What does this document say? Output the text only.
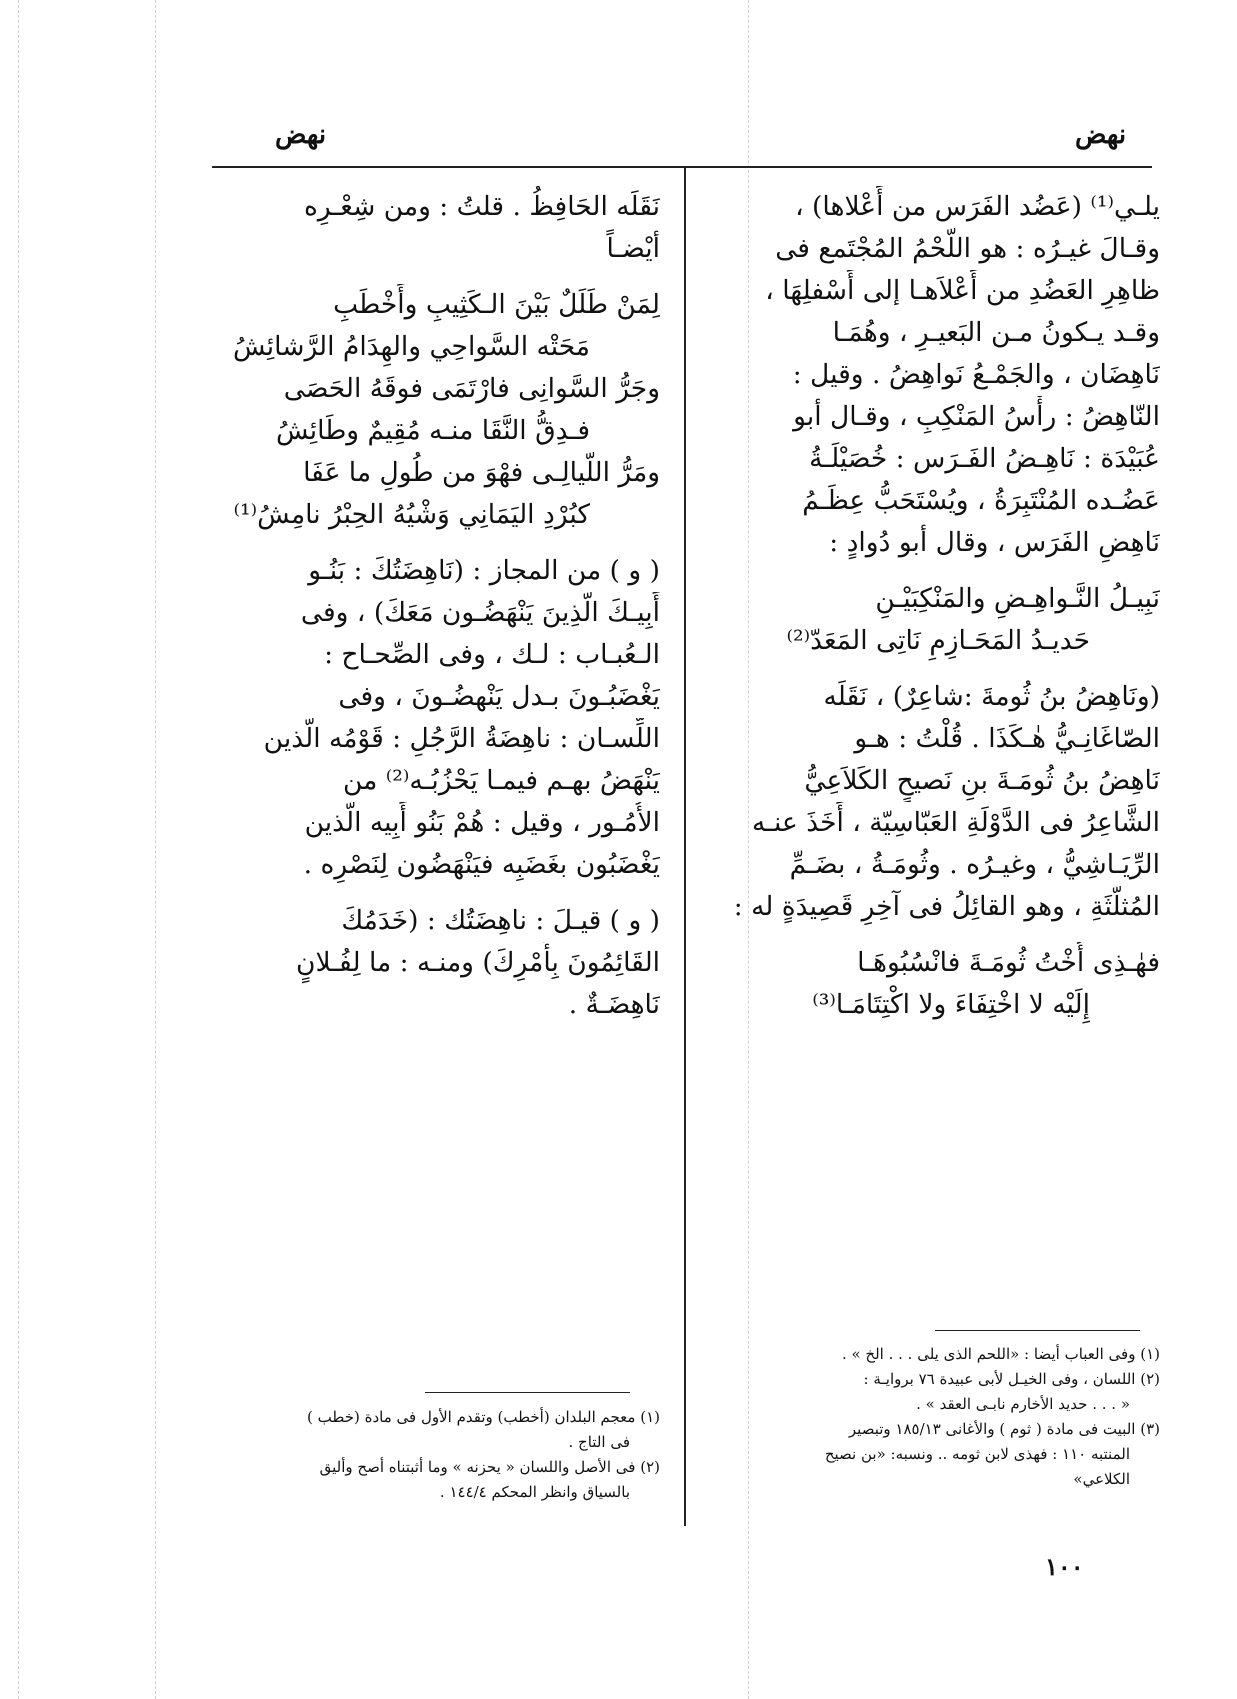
نهض
نهض
يلـي⁽¹⁾ (عَضُد الفَرَس من أَعْلاها) ،
وقـالَ غيـرُه : هو اللَّحْمُ المُجْتَمع فى
ظاهِرِ العَضُدِ من أَعْلاَهـا إلى أَسْفلِهَا ،
وقـد يـكونُ مـن البَعيـرِ ، وهُمَـا
نَاهِضَان ، والجَمْـعُ نَواهِضُ . وقيل :
النّاهِضُ : رأْسُ المَنْكِبِ ، وقـال أبو
عُبَيْدَة : نَاهِـضُ الفَـرَس : خُصَيْلَـةُ
عَضُـده المُنْتَبِرَةُ ، ويُسْتَحَبُّ عِظَـمُ
نَاهِضِ الفَرَس ، وقال أبو دُوادٍ :
نَبِيـلُ النَّـواهِـضِ والمَنْكِبَيْـنِ
حَديـدُ المَحَـازِمِ نَاتِى المَعَدّ⁽²⁾
(ونَاهِضُ بنُ ثُومةَ :شاعِرٌ) ، نَقَلَه
الصّاغَانِـيُّ هٰـكَذَا . قُلْتُ : هـو
نَاهِضُ بنُ ثُومَـةَ بنِ نَصيحٍ الكَلاَعِيُّ
الشَّاعِرُ فى الدَّوْلَةِ العَبّاسِيّة ، أَخَذَ عنـه
الرِّيَـاشِيُّ ، وغيـرُه . وثُومَـةُ ، بضَـمِّ
المُثلَّثَةِ ، وهو القائِلُ فى آخِرِ قَصِيدَةٍ له :
فهٰـذِى أُخْتُ ثُومَـةَ فانْسُبُوهَـا
إِلَيْه لا اخْتِفَاءَ ولا اكْتِتَامَـا⁽³⁾
(١) وفى العباب أيضا : «اللحم الذى يلى . . . الخ » .
(٢) اللسان ، وفى الخيـل لأبى عبيدة ٧٦ بروايـة :
« . . . حديد الأخارم نابـى العقد » .
(٣) البيت فى مادة ( ثوم ) والأغانى ١٨٥/١٣ وتبصير
المنتبه ١١٠ : فهذى لابن ثومه .. ونسبه: «بن نصيح
الكلاعي»
نَقَلَه الحَافِظُ . قلتُ : ومن شِعْـرِه
أيْضـاً
لِمَنْ طَلَلٌ بَيْنَ الـكَثِيبِ وأَخْطَبِ
مَحَتْه السَّواحِي والهِدَامُ الرَّشائِشُ
وجَرُّ السَّوانِى فارْتَمَى فوقَهُ الحَصَى
فـدِقُّ النَّقَا منـه مُقِيمٌ وطَائِشُ
ومَرُّ اللّيالِـى فهْوَ من طُولِ ما عَفَا
كبُرْدِ اليَمَانِي وَشْيُهُ الحِبْرُ نامِشُ⁽¹⁾
( و ) من المجاز : (نَاهِضَتُكَ : بَنُـو
أَبِيـكَ الَّذِينَ يَنْهَضُـون مَعَكَ) ، وفى
الـعُبـاب : لـك ، وفى الصِّحـاح :
يَغْضَبُـونَ بـدل يَنْهضُـونَ ، وفى
اللِّسـان : ناهِضَةُ الرَّجُلِ : قَوْمُه الَّذين
يَنْهَضُ بهـم فيمـا يَحْزُبُـه⁽²⁾ من
الأُمُـور ، وقيل : هُمْ بَنُو أَبِيه الَّذين
يَغْضَبُون بغَضَبِه فيَنْهَضُون لِنَصْرِه .
( و ) قيـلَ : ناهِضَتُك : (خَدَمُكَ
القَائِمُونَ بِأَمْرِكَ) ومنـه : ما لِفُـلانٍ
نَاهِضَـةٌ .
(١) معجم البلدان (أخطب) وتقدم الأول فى مادة (خطب )
فى التاج .
(٢) فى الأصل واللسان « يحزنه » وما أثبتناه أصح وأليق
بالسياق وانظر المحكم ١٤٤/٤ .
١٠٠
